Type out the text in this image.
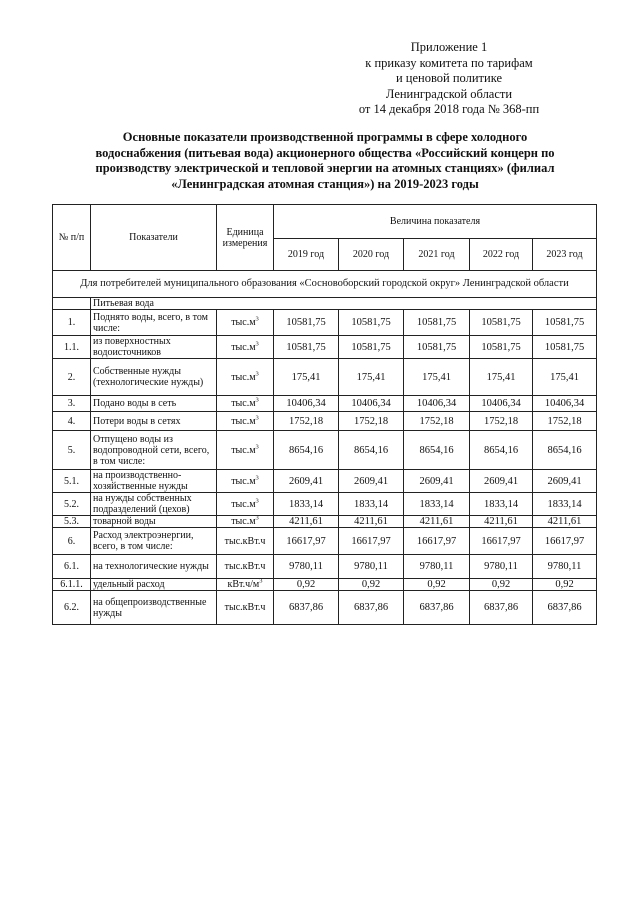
Приложение 1
к приказу комитета по тарифам
и ценовой политике
Ленинградской области
от 14 декабря 2018 года № 368-пп
Основные показатели производственной программы в сфере холодного водоснабжения (питьевая вода) акционерного общества «Российский концерн по производству электрической и тепловой энергии на атомных станциях» (филиал «Ленинградская атомная станция») на 2019-2023 годы
№ п/п	Показатели	Единица измерения	Величина показателя				
			2019 год	2020 год	2021 год	2022 год	2023 год
Для потребителей муниципального образования «Сосновоборский городской округ» Ленинградской области							
	Питьевая вода						
1.	Поднято воды, всего, в том числе:	$тыс.м^3$	10581,75	10581,75	10581,75	10581,75	10581,75
1.1.	из поверхностных водоисточников	$тыс.м^3$	10581,75	10581,75	10581,75	10581,75	10581,75
2.	Собственные нужды (технологические нужды)	$тыс.м^3$	175,41	175,41	175,41	175,41	175,41
3.	Подано воды в сеть	$тыс.м^3$	10406,34	10406,34	10406,34	10406,34	10406,34
4.	Потери воды в сетях	$тыс.м^3$	1752,18	1752,18	1752,18	1752,18	1752,18
5.	Отпущено воды из водопроводной сети, всего, в том числе:	$тыс.м^3$	8654,16	8654,16	8654,16	8654,16	8654,16
5.1.	на производственно-хозяйственные нужды	$тыс.м^3$	2609,41	2609,41	2609,41	2609,41	2609,41
5.2.	на нужды собственных подразделений (цехов)	$тыс.м^3$	1833,14	1833,14	1833,14	1833,14	1833,14
5.3.	товарной воды	$тыс.м^3$	4211,61	4211,61	4211,61	4211,61	4211,61
6.	Расход электроэнергии, всего, в том числе:	тыс.кВт.ч	16617,97	16617,97	16617,97	16617,97	16617,97
6.1.	на технологические нужды	тыс.кВт.ч	9780,11	9780,11	9780,11	9780,11	9780,11
6.1.1.	удельный расход	$кВт.ч/м^3$	0,92	0,92	0,92	0,92	0,92
6.2.	на общепроизводственные нужды	тыс.кВт.ч	6837,86	6837,86	6837,86	6837,86	6837,86
